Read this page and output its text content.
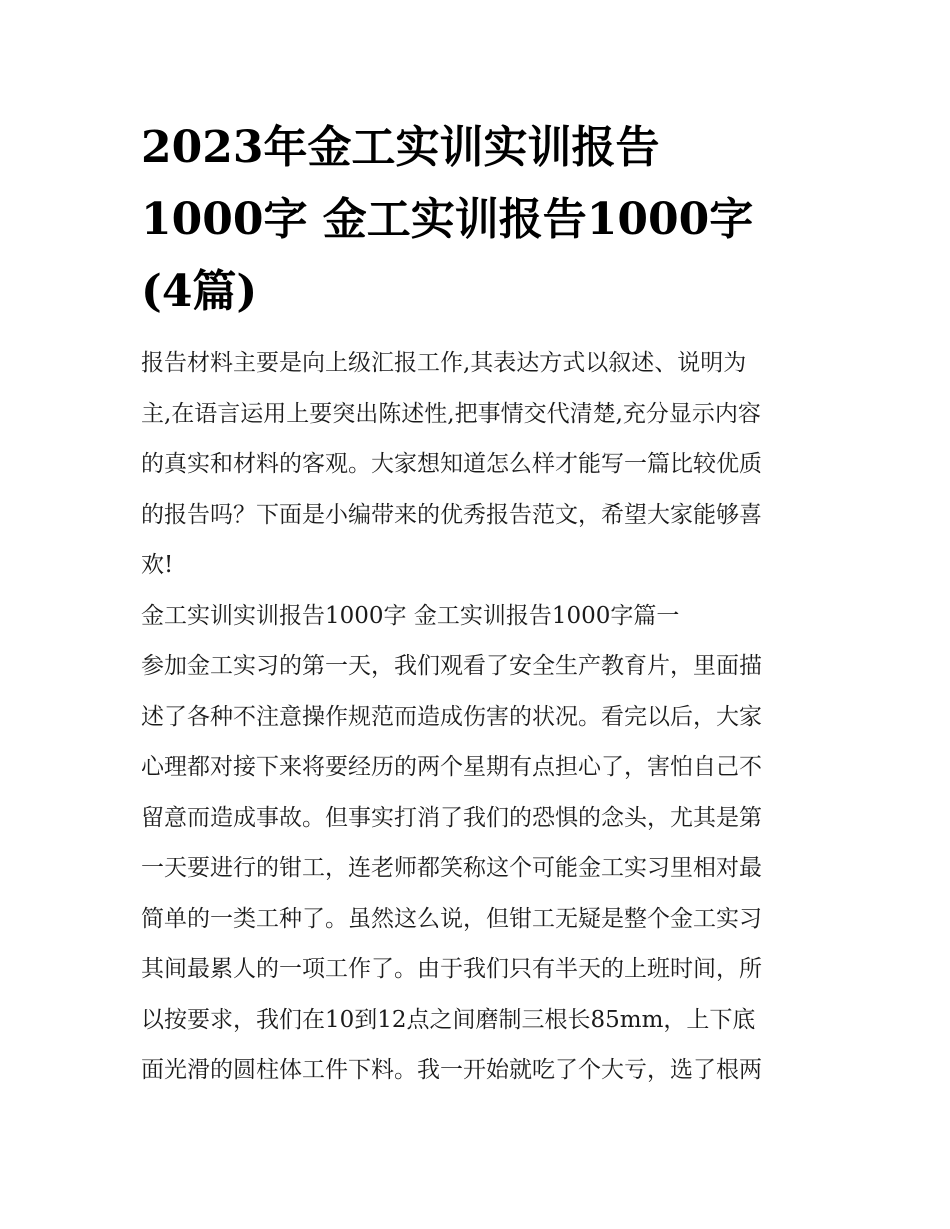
2023年金工实训实训报告
1000字 金工实训报告1000字
(4篇)

报告材料主要是向上级汇报工作,其表达方式以叙述、说明为
主,在语言运用上要突出陈述性,把事情交代清楚,充分显示内容
的真实和材料的客观。大家想知道怎么样才能写一篇比较优质
的报告吗？下面是小编带来的优秀报告范文，希望大家能够喜
欢!

金工实训实训报告1000字 金工实训报告1000字篇一

参加金工实习的第一天，我们观看了安全生产教育片，里面描
述了各种不注意操作规范而造成伤害的状况。看完以后，大家
心理都对接下来将要经历的两个星期有点担心了，害怕自己不
留意而造成事故。但事实打消了我们的恐惧的念头，尤其是第
一天要进行的钳工，连老师都笑称这个可能金工实习里相对最
简单的一类工种了。虽然这么说，但钳工无疑是整个金工实习
其间最累人的一项工作了。由于我们只有半天的上班时间，所
以按要求，我们在10到12点之间磨制三根长85mm，上下底
面光滑的圆柱体工件下料。我一开始就吃了个大亏，选了根两
